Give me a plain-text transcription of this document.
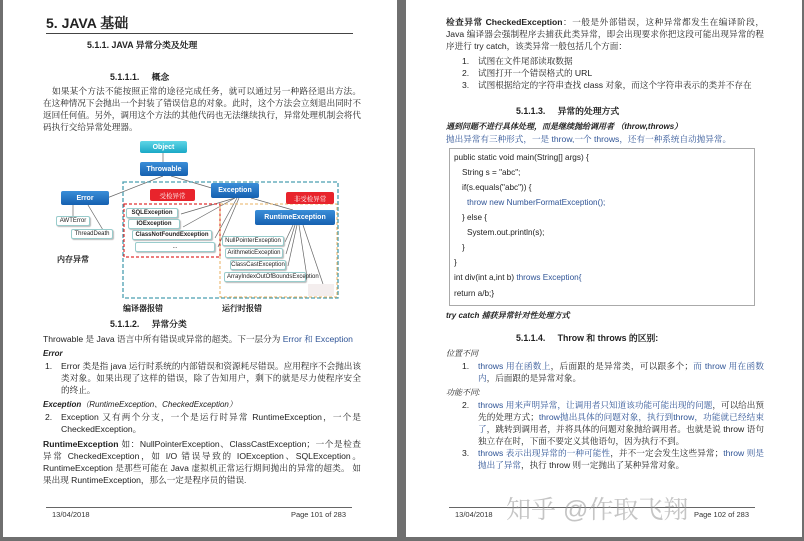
5. JAVA 基础
5.1.1. JAVA 异常分类及处理
5.1.1.1.     概念
如果某个方法不能按照正常的途径完成任务，就可以通过另一种路径退出方法。在这种情况下会抛出一个封装了错误信息的对象。此时，这个方法会立刻退出同时不返回任何值。另外，调用这个方法的其他代码也无法继续执行，异常处理机制会将代码执行交给异常处理器。
Object
Throwable
Error
AWTError
ThreadDeath
内存异常
Exception
受检异常	非受检异常
SQLException
IOException
ClassNotFoundException
...
RuntimeException
NullPointerException
ArithmeticException
ClassCastException
ArrayIndexOutOfBoundsException
编译器报错	运行时报错
5.1.1.2.     异常分类
Throwable 是 Java 语言中所有错误或异常的超类。下一层分为 Error 和 Exception
Error
1. Error 类是指 java 运行时系统的内部错误和资源耗尽错误。应用程序不会抛出该类对象。如果出现了这样的错误，除了告知用户，剩下的就是尽力使程序安全的终止。
Exception（RuntimeException、CheckedException）
2. Exception 又有两个分支，一个是运行时异常 RuntimeException，一个是 CheckedException。
RuntimeException 如：NullPointerException、ClassCastException；一个是检查异常 CheckedException，如 I/O 错误导致的 IOException、SQLException。 RuntimeException 是那些可能在 Java 虚拟机正常运行期间抛出的异常的超类。 如果出现 RuntimeException，那么一定是程序员的错误.
13/04/2018	Page 101 of 283
检查异常 CheckedException：一般是外部错误，这种异常都发生在编译阶段，Java 编译器会强制程序去捕获此类异常，即会出现要求你把这段可能出现异常的程序进行 try catch，该类异常一般包括几个方面：
1. 试图在文件尾部读取数据
2. 试图打开一个错误格式的 URL
3. 试图根据给定的字符串查找 class 对象，而这个字符串表示的类并不存在
5.1.1.3.     异常的处理方式
遇到问题不进行具体处理，而是继续抛给调用者 （throw,throws）
抛出异常有三种形式，一是 throw,一个 throws，还有一种系统自动抛异常。
public static void main(String[] args) {
String s = "abc";
if(s.equals("abc")) {
throw new NumberFormatException();
} else {
System.out.println(s);
}
}
int div(int a,int b) throws Exception{
return a/b;}
try catch 捕获异常针对性处理方式
5.1.1.4.     Throw 和 throws 的区别:
位置不同
1. throws 用在函数上，后面跟的是异常类，可以跟多个；而 throw 用在函数内，后面跟的是异常对象。
功能不同:
2. throws 用来声明异常，让调用者只知道该功能可能出现的问题，可以给出预先的处理方式；throw抛出具体的问题对象，执行到throw，功能就已经结束了，跳转到调用者，并将具体的问题对象抛给调用者。也就是说 throw 语句独立存在时，下面不要定义其他语句，因为执行不到。
3. throws 表示出现异常的一种可能性，并不一定会发生这些异常；throw 则是抛出了异常，执行 throw 则一定抛出了某种异常对象。
13/04/2018	Page 102 of 283
知乎 @作取飞翔
